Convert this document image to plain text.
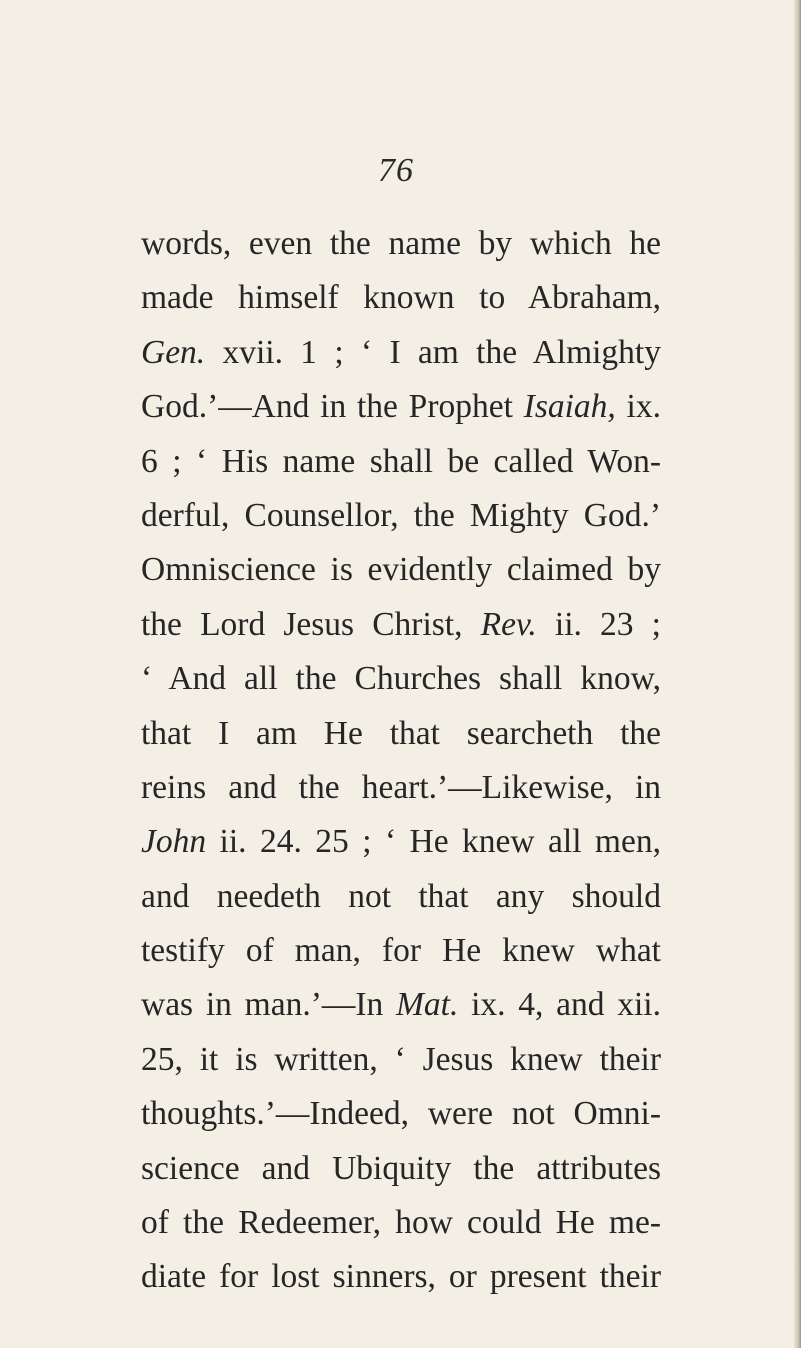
76
words, even the name by which he
made himself known to Abraham,
Gen. xvii. 1 ; ‘ I am the Almighty
God.’—And in the Prophet Isaiah, ix.
6 ; ‘ His name shall be called Won-
derful, Counsellor, the Mighty God.’
Omniscience is evidently claimed by
the Lord Jesus Christ, Rev. ii. 23 ;
‘ And all the Churches shall know,
that I am He that searcheth the
reins and the heart.’—Likewise, in
John ii. 24. 25 ; ‘ He knew all men,
and needeth not that any should
testify of man, for He knew what
was in man.’—In Mat. ix. 4, and xii.
25, it is written, ‘ Jesus knew their
thoughts.’—Indeed, were not Omni-
science and Ubiquity the attributes
of the Redeemer, how could He me-
diate for lost sinners, or present their
